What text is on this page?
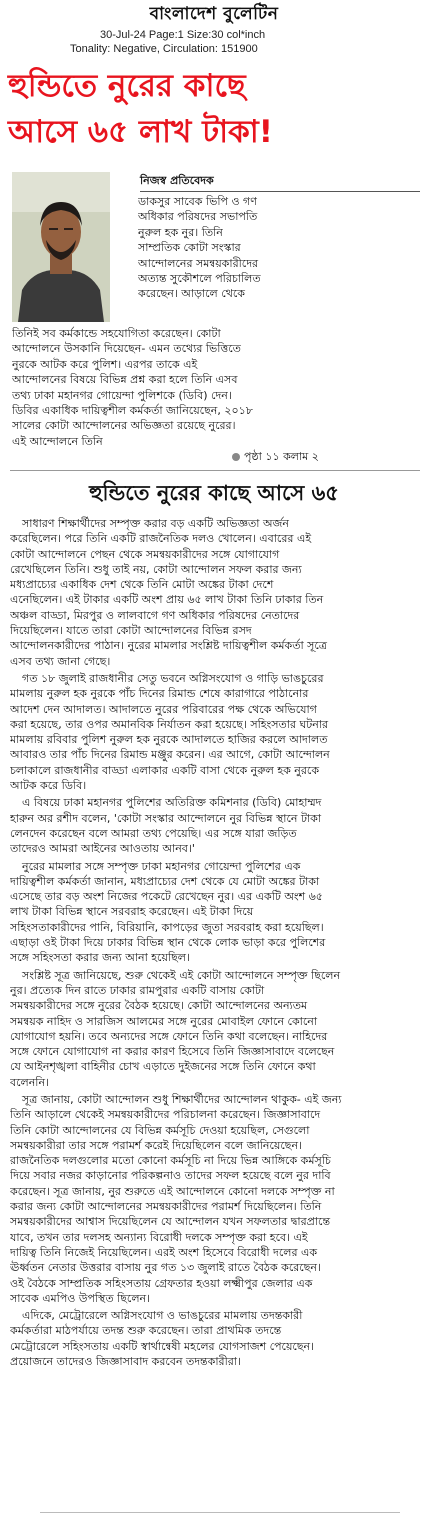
বাংলাদেশ বুলেটিন
30-Jul-24 Page:1 Size:30 col*inch
Tonality: Negative, Circulation: 151900
হুন্ডিতে নুরের কাছে
আসে ৬৫ লাখ টাকা!
নিজস্ব প্রতিবেদক
ডাকসুর সাবেক ভিপি ও গণ
অধিকার পরিষদের সভাপতি
নুরুল হক নুর। তিনি
সাম্প্রতিক কোটা সংস্কার
আন্দোলনের সমন্বয়কারীদের
অত্যন্ত সুকৌশলে পরিচালিত
করেছেন। আড়ালে থেকে
তিনিই সব কর্মকান্ডে সহযোগিতা করেছেন। কোটা
আন্দোলনে উসকানি দিয়েছেন- এমন তথ্যের ভিত্তিতে
নুরকে আটক করে পুলিশ। এরপর তাকে এই
আন্দোলনের বিষয়ে বিভিন্ন প্রশ্ন করা হলে তিনি এসব
তথ্য ঢাকা মহানগর গোয়েন্দা পুলিশকে (ডিবি) দেন।
ডিবির একাধিক দায়িত্বশীল কর্মকর্তা জানিয়েছেন, ২০১৮
সালের কোটা আন্দোলনের অভিজ্ঞতা রয়েছে নুরের।
এই আন্দোলনে তিনি
পৃষ্ঠা ১১ কলাম ২
হুন্ডিতে নুরের কাছে আসে ৬৫
সাধারণ শিক্ষার্থীদের সম্পৃক্ত করার বড় একটি অভিজ্ঞতা অর্জন
করেছিলেন। পরে তিনি একটি রাজনৈতিক দলও খোলেন। এবারের এই
কোটা আন্দোলনে পেছন থেকে সমন্বয়কারীদের সঙ্গে যোগাযোগ
রেখেছিলেন তিনি। শুধু তাই নয়, কোটা আন্দোলন সফল করার জন্য
মধ্যপ্রাচ্যের একাধিক দেশ থেকে তিনি মোটা অঙ্কের টাকা দেশে
এনেছিলেন। এই টাকার একটি অংশ প্রায় ৬৫ লাখ টাকা তিনি ঢাকার তিন
অঞ্চল বাড্ডা, মিরপুর ও লালবাগে গণ অধিকার পরিষদের নেতাদের
দিয়েছিলেন। যাতে তারা কোটা আন্দোলনের বিভিন্ন রসদ
আন্দোলনকারীদের পাঠান। নুরের মামলার সংশ্লিষ্ট দায়িত্বশীল কর্মকর্তা সূত্রে
এসব তথ্য জানা গেছে।
গত ১৮ জুলাই রাজধানীর সেতু ভবনে অগ্নিসংযোগ ও গাড়ি ভাঙচুরের
মামলায় নুরুল হক নুরকে পাঁচ দিনের রিমান্ড শেষে কারাগারে পাঠানোর
আদেশ দেন আদালত। আদালতে নুরের পরিবারের পক্ষ থেকে অভিযোগ
করা হয়েছে, তার ওপর অমানবিক নির্যাতন করা হয়েছে। সহিংসতার ঘটনার
মামলায় রবিবার পুলিশ নুরুল হক নুরকে আদালতে হাজির করলে আদালত
আবারও তার পাঁচ দিনের রিমান্ড মঞ্জুর করেন। এর আগে, কোটা আন্দোলন
চলাকালে রাজধানীর বাড্ডা এলাকার একটি বাসা থেকে নুরুল হক নুরকে
আটক করে ডিবি।
এ বিষয়ে ঢাকা মহানগর পুলিশের অতিরিক্ত কমিশনার (ডিবি) মোহাম্মদ
হারুন অর রশীদ বলেন, 'কোটা সংস্কার আন্দোলনে নুর বিভিন্ন স্থানে টাকা
লেনদেন করেছেন বলে আমরা তথ্য পেয়েছি। এর সঙ্গে যারা জড়িত
তাদেরও আমরা আইনের আওতায় আনব।'
নুরের মামলার সঙ্গে সম্পৃক্ত ঢাকা মহানগর গোয়েন্দা পুলিশের এক
দায়িত্বশীল কর্মকর্তা জানান, মধ্যপ্রাচ্যের দেশ থেকে যে মোটা অঙ্কের টাকা
এসেছে তার বড় অংশ নিজের পকেটে রেখেছেন নুর। এর একটি অংশ ৬৫
লাখ টাকা বিভিন্ন স্থানে সরবরাহ করেছেন। এই টাকা দিয়ে
সহিংসতাকারীদের পানি, বিরিয়ানি, কাপড়ের জুতা সরবরাহ করা হয়েছিল।
এছাড়া ওই টাকা দিয়ে ঢাকার বিভিন্ন স্থান থেকে লোক ভাড়া করে পুলিশের
সঙ্গে সহিংসতা করার জন্য আনা হয়েছিল।
সংশ্লিষ্ট সূত্র জানিয়েছে, শুরু থেকেই এই কোটা আন্দোলনে সম্পৃক্ত ছিলেন
নুর। প্রত্যেক দিন রাতে ঢাকার রামপুরার একটি বাসায় কোটা
সমন্বয়কারীদের সঙ্গে নুরের বৈঠক হয়েছে। কোটা আন্দোলনের অন্যতম
সমন্বয়ক নাহিদ ও সারজিস আলমের সঙ্গে নুরের মোবাইল ফোনে কোনো
যোগাযোগ হয়নি। তবে অন্যদের সঙ্গে ফোনে তিনি কথা বলেছেন। নাহিদের
সঙ্গে ফোনে যোগাযোগ না করার কারণ হিসেবে তিনি জিজ্ঞাসাবাদে বলেছেন
যে আইনশৃঙ্খলা বাহিনীর চোখ এড়াতে দুইজনের সঙ্গে তিনি ফোনে কথা
বলেননি।
সূত্র জানায়, কোটা আন্দোলন শুধু শিক্ষার্থীদের আন্দোলন থাকুক- এই জন্য
তিনি আড়ালে থেকেই সমন্বয়কারীদের পরিচালনা করেছেন। জিজ্ঞাসাবাদে
তিনি কোটা আন্দোলনের যে বিভিন্ন কর্মসূচি দেওয়া হয়েছিল, সেগুলো
সমন্বয়কারীরা তার সঙ্গে পরামর্শ করেই দিয়েছিলেন বলে জানিয়েছেন।
রাজনৈতিক দলগুলোর মতো কোনো কর্মসূচি না দিয়ে ভিন্ন আঙ্গিকে কর্মসূচি
দিয়ে সবার নজর কাড়ানোর পরিকল্পনাও তাদের সফল হয়েছে বলে নুর দাবি
করেছেন। সূত্র জানায়, নুর শুরুতে এই আন্দোলনে কোনো দলকে সম্পৃক্ত না
করার জন্য কোটা আন্দোলনের সমন্বয়কারীদের পরামর্শ দিয়েছিলেন। তিনি
সমন্বয়কারীদের আশ্বাস দিয়েছিলেন যে আন্দোলন যখন সফলতার দ্বারপ্রান্তে
যাবে, তখন তার দলসহ অন্যান্য বিরোধী দলকে সম্পৃক্ত করা হবে। এই
দায়িত্ব তিনি নিজেই নিয়েছিলেন। এরই অংশ হিসেবে বিরোধী দলের এক
ঊর্ধ্বতন নেতার উত্তরার বাসায় নুর গত ১৩ জুলাই রাতে বৈঠক করেছেন।
ওই বৈঠকে সাম্প্রতিক সহিংসতায় গ্রেফতার হওয়া লক্ষ্মীপুর জেলার এক
সাবেক এমপিও উপস্থিত ছিলেন।
এদিকে, মেট্রোরেলে অগ্নিসংযোগ ও ভাঙচুরের মামলায় তদন্তকারী
কর্মকর্তারা মাঠপর্যায়ে তদন্ত শুরু করেছেন। তারা প্রাথমিক তদন্তে
মেট্রোরেলে সহিংসতায় একটি স্বার্থান্বেষী মহলের যোগসাজশ পেয়েছেন।
প্রয়োজনে তাদেরও জিজ্ঞাসাবাদ করবেন তদন্তকারীরা।
